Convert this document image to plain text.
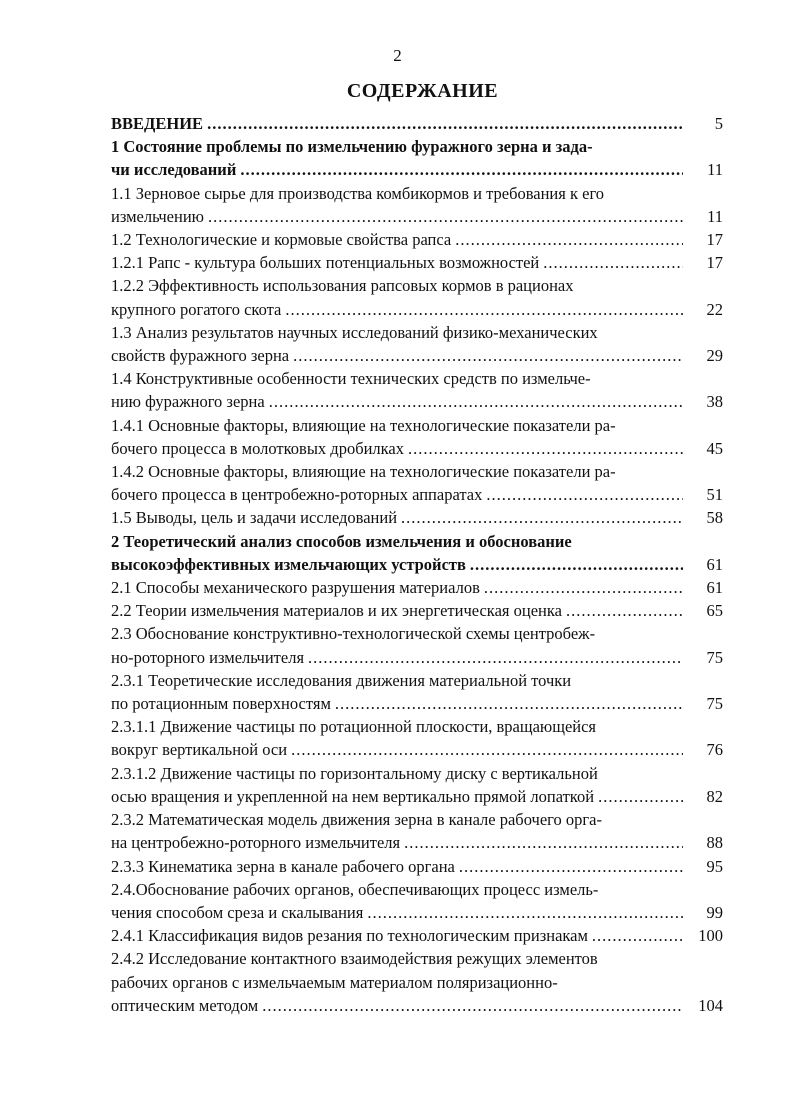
2
СОДЕРЖАНИЕ
ВВЕДЕНИЕ .....	5
1 Состояние проблемы по измельчению фуражного зерна и зада-
чи исследований .....	11
1.1 Зерновое сырье для производства комбикормов и требования к его
измельчению .....	11
1.2 Технологические и кормовые свойства рапса .....	17
1.2.1 Рапс - культура больших потенциальных возможностей .....	17
1.2.2 Эффективность использования рапсовых кормов в рационах
крупного рогатого скота .....	22
1.3 Анализ результатов научных исследований физико-механических
свойств фуражного зерна .....	29
1.4 Конструктивные особенности технических средств по измельче-
нию фуражного зерна .....	38
1.4.1 Основные факторы, влияющие на технологические показатели ра-
бочего процесса в молотковых дробилках .....	45
1.4.2 Основные факторы, влияющие на технологические показатели ра-
бочего процесса в центробежно-роторных аппаратах .....	51
1.5 Выводы, цель и задачи исследований .....	58
2 Теоретический анализ способов измельчения и обоснование
высокоэффективных измельчающих устройств .....	61
2.1 Способы механического разрушения материалов .....	61
2.2 Теории измельчения материалов и их энергетическая оценка .....	65
2.3 Обоснование конструктивно-технологической схемы центробеж-
но-роторного измельчителя .....	75
2.3.1 Теоретические исследования движения материальной точки
по ротационным поверхностям .....	75
2.3.1.1 Движение частицы по ротационной плоскости, вращающейся
вокруг вертикальной оси .....	76
2.3.1.2 Движение частицы по горизонтальному диску с вертикальной
осью вращения и укрепленной на нем вертикально прямой лопаткой .....	82
2.3.2 Математическая модель движения зерна в канале рабочего орга-
на центробежно-роторного измельчителя .....	88
2.3.3 Кинематика зерна в канале рабочего органа .....	95
2.4.Обоснование рабочих органов, обеспечивающих процесс измель-
чения способом среза и скалывания .....	99
2.4.1 Классификация видов резания по технологическим признакам .....	100
2.4.2 Исследование контактного взаимодействия режущих элементов
рабочих органов с измельчаемым материалом поляризационно-
оптическим методом .....	104
